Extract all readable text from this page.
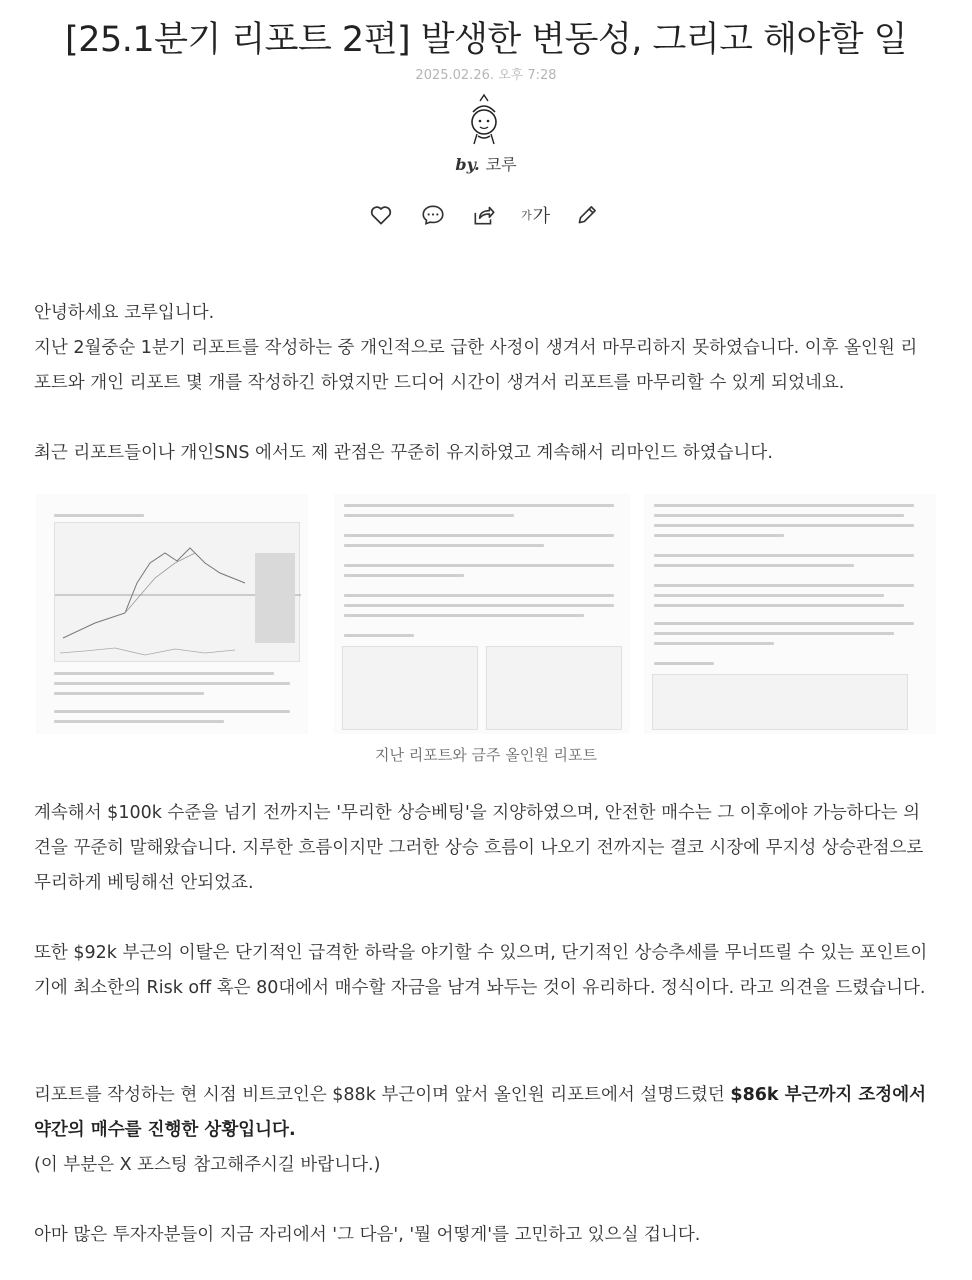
[25.1분기 리포트 2편] 발생한 변동성, 그리고 해야할 일
2025.02.26. 오후 7:28
by. 코루
가 가
안녕하세요 코루입니다.
지난 2월중순 1분기 리포트를 작성하는 중 개인적으로 급한 사정이 생겨서 마무리하지 못하였습니다. 이후 올인원 리포트와 개인 리포트 몇 개를 작성하긴 하였지만 드디어 시간이 생겨서 리포트를 마무리할 수 있게 되었네요.
최근 리포트들이나 개인SNS 에서도 제 관점은 꾸준히 유지하였고 계속해서 리마인드 하였습니다.
지난 리포트와 금주 올인원 리포트
계속해서 $100k 수준을 넘기 전까지는 '무리한 상승베팅'을 지양하였으며, 안전한 매수는 그 이후에야 가능하다는 의견을 꾸준히 말해왔습니다. 지루한 흐름이지만 그러한 상승 흐름이 나오기 전까지는 결코 시장에 무지성 상승관점으로 무리하게 베팅해선 안되었죠.
또한 $92k 부근의 이탈은 단기적인 급격한 하락을 야기할 수 있으며, 단기적인 상승추세를 무너뜨릴 수 있는 포인트이기에 최소한의 Risk off 혹은 80대에서 매수할 자금을 남겨 놔두는 것이 유리하다. 정식이다. 라고 의견을 드렸습니다.
리포트를 작성하는 현 시점 비트코인은 $88k 부근이며 앞서 올인원 리포트에서 설명드렸던 $86k 부근까지 조정에서 약간의 매수를 진행한 상황입니다.
(이 부분은 X 포스팅 참고해주시길 바랍니다.)
아마 많은 투자자분들이 지금 자리에서 '그 다음', '뭘 어떻게'를 고민하고 있으실 겁니다.
